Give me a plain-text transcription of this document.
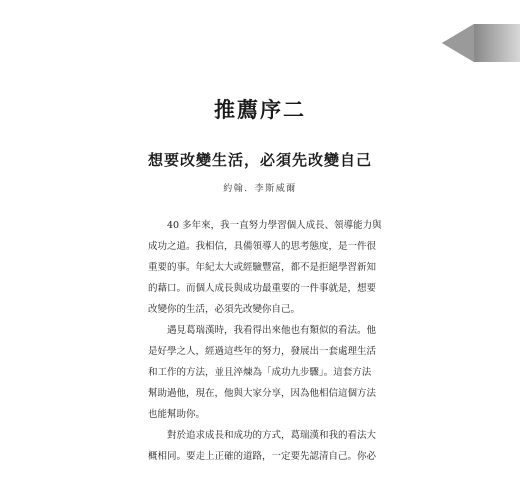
009
推薦序二
想要改變生活，必須先改變自己
約翰．李斯威爾
40 多年來，我一直努力學習個人成長、領導能力與
成功之道。我相信，具備領導人的思考態度，是一件很
重要的事。年紀太大或經驗豐富，都不是拒絕學習新知
的藉口。而個人成長與成功最重要的一件事就是，想要
改變你的生活，必須先改變你自己。
遇見葛瑞漢時，我看得出來他也有類似的看法。他
是好學之人，經過這些年的努力，發展出一套處理生活
和工作的方法，並且淬煉為「成功九步驟」。這套方法
幫助過他，現在，他與大家分享，因為他相信這個方法
也能幫助你。
對於追求成長和成功的方式，葛瑞漢和我的看法大
概相同。要走上正確的道路，一定要先認清自己。你必
